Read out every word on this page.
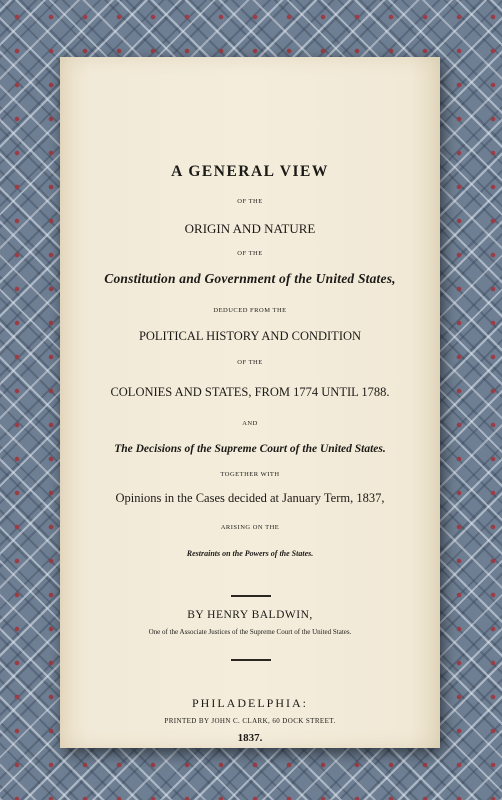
A GENERAL VIEW
OF THE
ORIGIN AND NATURE
OF THE
Constitution and Government of the United States,
DEDUCED FROM THE
POLITICAL HISTORY AND CONDITION
OF THE
COLONIES AND STATES, FROM 1774 UNTIL 1788.
AND
The Decisions of the Supreme Court of the United States.
TOGETHER WITH
Opinions in the Cases decided at January Term, 1837,
ARISING ON THE
Restraints on the Powers of the States.
BY HENRY BALDWIN,
One of the Associate Justices of the Supreme Court of the United States.
PHILADELPHIA:
PRINTED BY JOHN C. CLARK, 60 DOCK STREET.
1837.
